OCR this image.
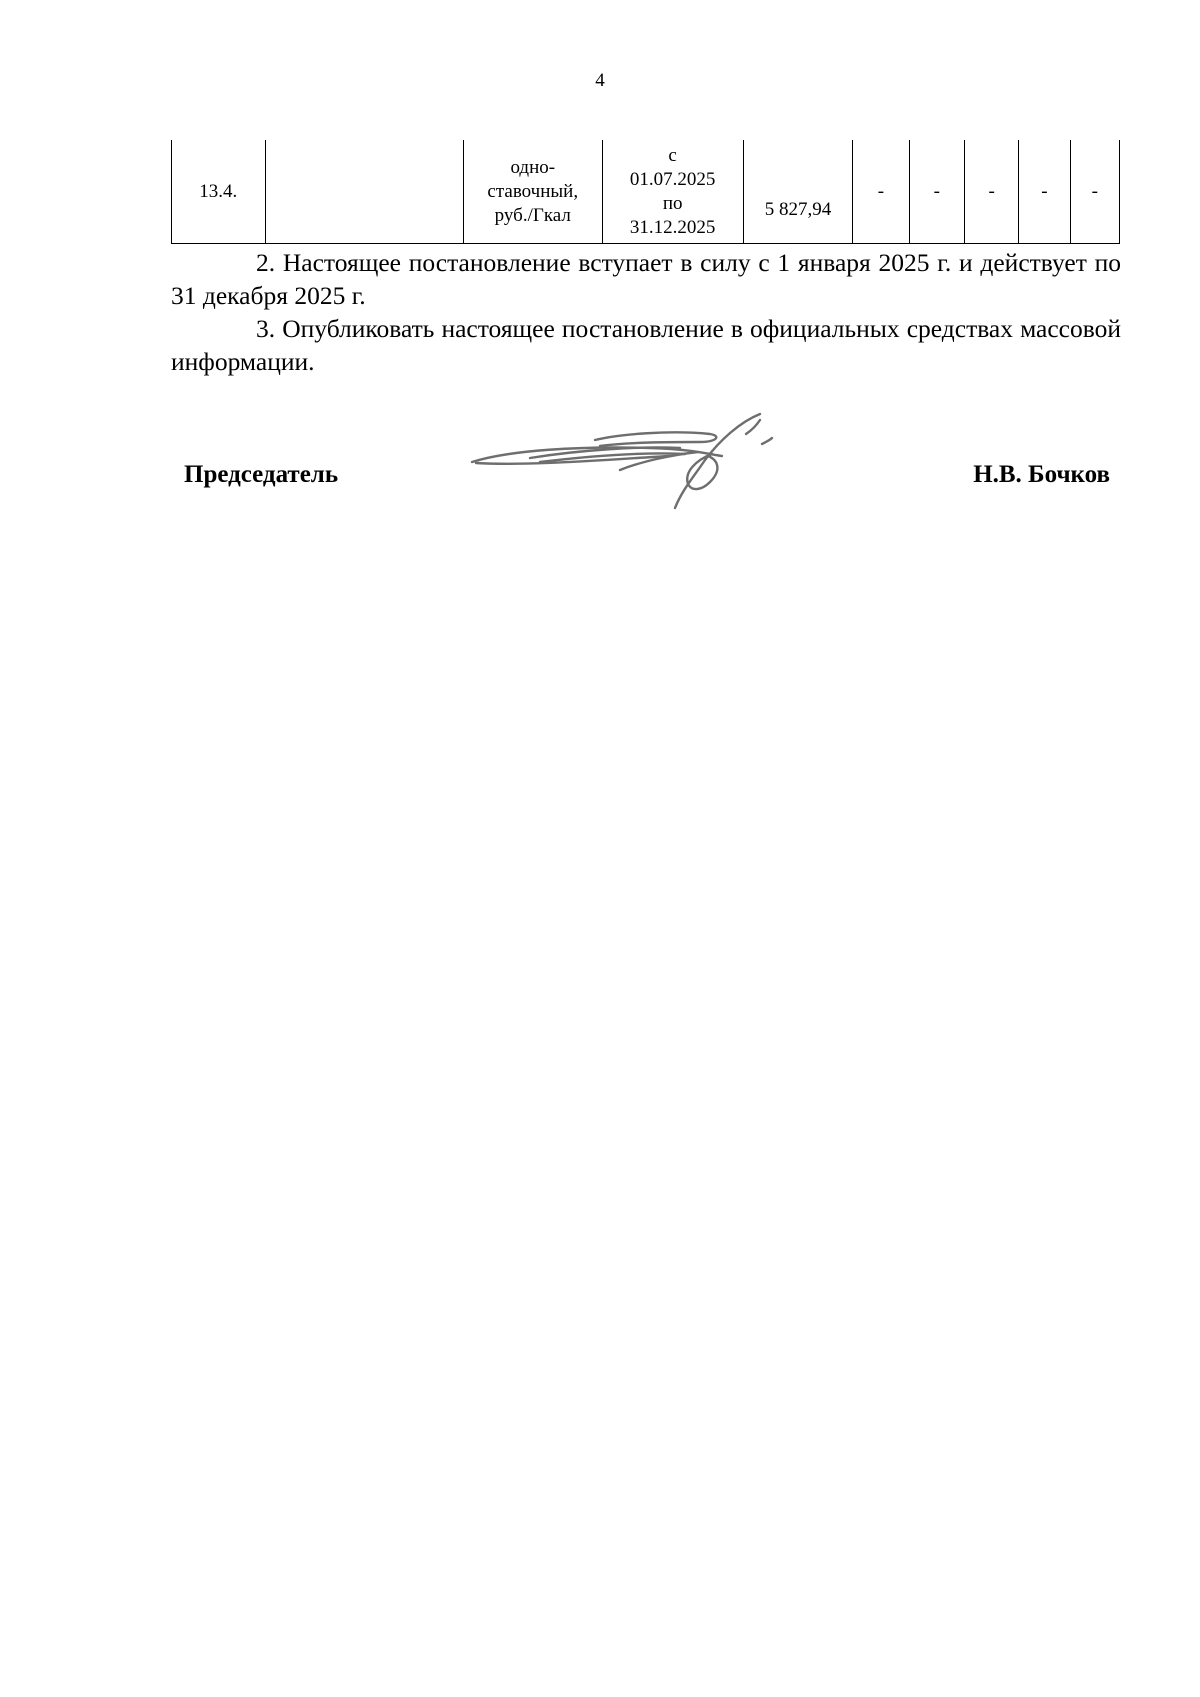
4
13.4.		одно-
ставочный,
руб./Гкал	с
01.07.2025
по
31.12.2025	5 827,94	-	-	-	-	-
2. Настоящее постановление вступает в силу с 1 января 2025 г. и действует по 31 декабря 2025 г.
3. Опубликовать настоящее постановление в официальных средствах массовой информации.
Председатель	Н.В. Бочков
